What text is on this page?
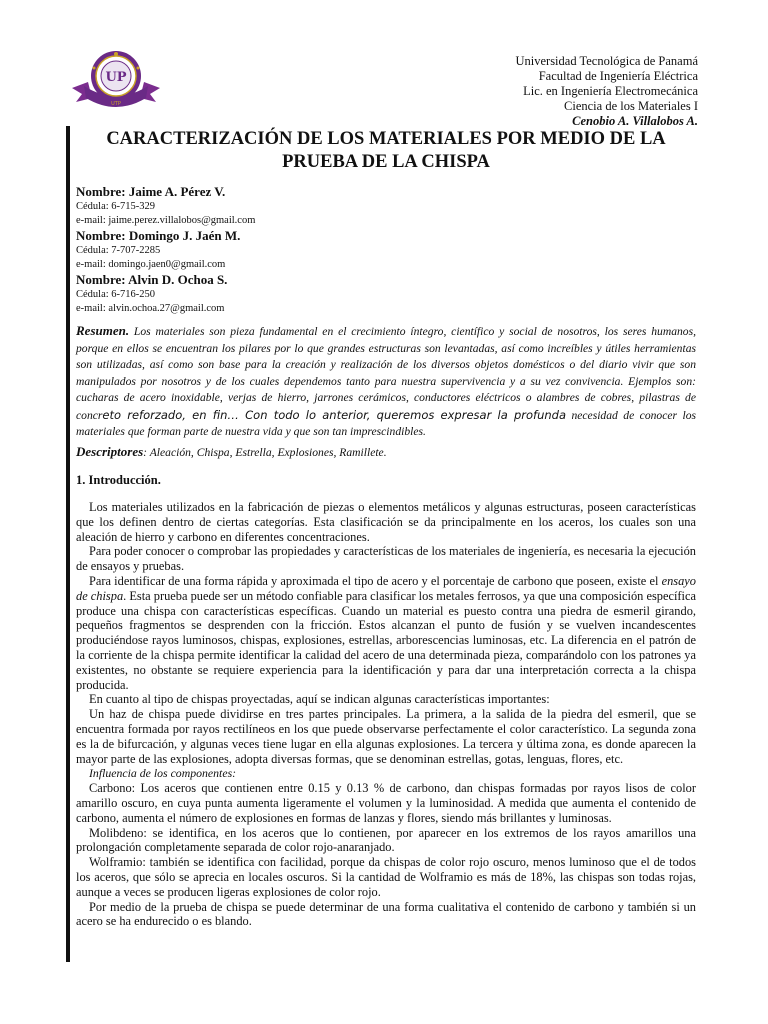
UTP
UP
Universidad Tecnológica de Panamá
Facultad de Ingeniería Eléctrica
Lic. en Ingeniería Electromecánica
Ciencia de los Materiales I
Cenobio A. Villalobos A.
CARACTERIZACIÓN DE LOS MATERIALES POR MEDIO DE LA PRUEBA DE LA CHISPA

Nombre: Jaime A. Pérez V.

Cédula: 6-715-329

e-mail: jaime.perez.villalobos@gmail.com

Nombre: Domingo J. Jaén M.

Cédula: 7-707-2285

e-mail: domingo.jaen0@gmail.com

Nombre: Alvin D. Ochoa S.

Cédula: 6-716-250

e-mail: alvin.ochoa.27@gmail.com

Resumen. Los materiales son pieza fundamental en el crecimiento íntegro, científico y social de nosotros, los seres humanos, porque en ellos se encuentran los pilares por lo que grandes estructuras son levantadas, así como increíbles y útiles herramientas son utilizadas, así como son base para la creación y realización de los diversos objetos domésticos o del diario vivir que son manipulados por nosotros y de los cuales dependemos tanto para nuestra supervivencia y a su vez convivencia. Ejemplos son: cucharas de acero inoxidable, verjas de hierro, jarrones cerámicos, conductores eléctricos o alambres de cobres, pilastras de concreto reforzado, en fin… Con todo lo anterior, queremos expresar la profunda necesidad de conocer los materiales que forman parte de nuestra vida y que son tan imprescindibles.

Descriptores: Aleación, Chispa, Estrella, Explosiones, Ramillete.

1. Introducción.

Los materiales utilizados en la fabricación de piezas o elementos metálicos y algunas estructuras, poseen características que los definen dentro de ciertas categorías. Esta clasificación se da principalmente en los aceros, los cuales son una aleación de hierro y carbono en diferentes concentraciones.

Para poder conocer o comprobar las propiedades y características de los materiales de ingeniería, es necesaria la ejecución de ensayos y pruebas.

Para identificar de una forma rápida y aproximada el tipo de acero y el porcentaje de carbono que poseen, existe el ensayo de chispa. Esta prueba puede ser un método confiable para clasificar los metales ferrosos, ya que una composición específica produce una chispa con características específicas. Cuando un material es puesto contra una piedra de esmeril girando, pequeños fragmentos se desprenden con la fricción. Estos alcanzan el punto de fusión y se vuelven incandescentes produciéndose rayos luminosos, chispas, explosiones, estrellas, arborescencias luminosas, etc. La diferencia en el patrón de la corriente de la chispa permite identificar la calidad del acero de una determinada pieza, comparándolo con los patrones ya existentes, no obstante se requiere experiencia para la identificación y para dar una interpretación correcta a la chispa producida.

En cuanto al tipo de chispas proyectadas, aquí se indican algunas características importantes:

Un haz de chispa puede dividirse en tres partes principales. La primera, a la salida de la piedra del esmeril, que se encuentra formada por rayos rectilíneos en los que puede observarse perfectamente el color característico. La segunda zona es la de bifurcación, y algunas veces tiene lugar en ella algunas explosiones. La tercera y última zona, es donde aparecen la mayor parte de las explosiones, adopta diversas formas, que se denominan estrellas, gotas, lenguas, flores, etc.

Influencia de los componentes:

Carbono: Los aceros que contienen entre 0.15 y 0.13 % de carbono, dan chispas formadas por rayos lisos de color amarillo oscuro, en cuya punta aumenta ligeramente el volumen y la luminosidad. A medida que aumenta el contenido de carbono, aumenta el número de explosiones en formas de lanzas y flores, siendo más brillantes y luminosas.

Molibdeno: se identifica, en los aceros que lo contienen, por aparecer en los extremos de los rayos amarillos una prolongación completamente separada de color rojo-anaranjado.

Wolframio: también se identifica con facilidad, porque da chispas de color rojo oscuro, menos luminoso que el de todos los aceros, que sólo se aprecia en locales oscuros. Si la cantidad de Wolframio es más de 18%, las chispas son todas rojas, aunque a veces se producen ligeras explosiones de color rojo.

Por medio de la prueba de chispa se puede determinar de una forma cualitativa el contenido de carbono y también si un acero se ha endurecido o es blando.
